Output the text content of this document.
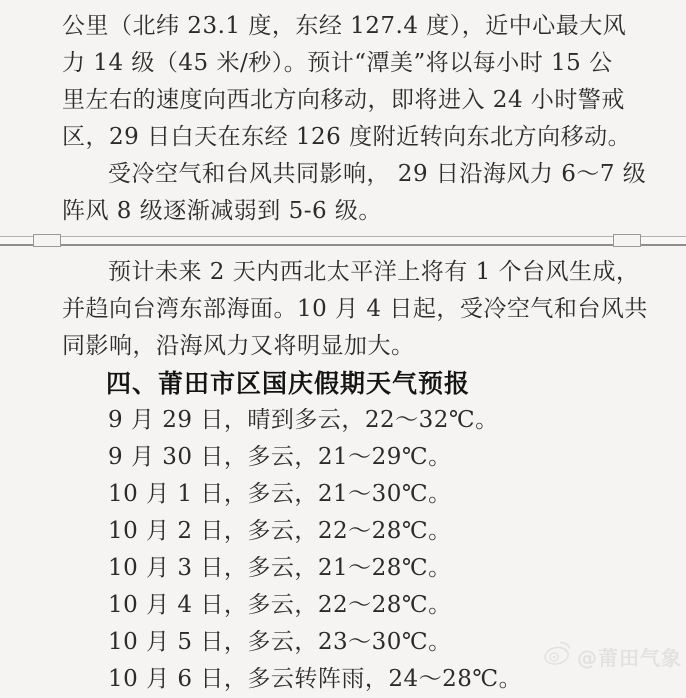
公里（北纬 23.1 度，东经 127.4 度），近中心最大风
力 14 级（45 米/秒）。预计“潭美”将以每小时 15 公
里左右的速度向西北方向移动，即将进入 24 小时警戒
区，29 日白天在东经 126 度附近转向东北方向移动。
受冷空气和台风共同影响， 29 日沿海风力 6～7 级
阵风 8 级逐渐减弱到 5-6 级。
预计未来 2 天内西北太平洋上将有 1 个台风生成，
并趋向台湾东部海面。10 月 4 日起，受冷空气和台风共
同影响，沿海风力又将明显加大。
四、莆田市区国庆假期天气预报
9 月 29 日，晴到多云，22～32℃。
9 月 30 日，多云，21～29℃。
10 月 1 日，多云，21～30℃。
10 月 2 日，多云，22～28℃。
10 月 3 日，多云，21～28℃。
10 月 4 日，多云，22～28℃。
10 月 5 日，多云，23～30℃。
10 月 6 日，多云转阵雨，24～28℃。
@莆田气象
